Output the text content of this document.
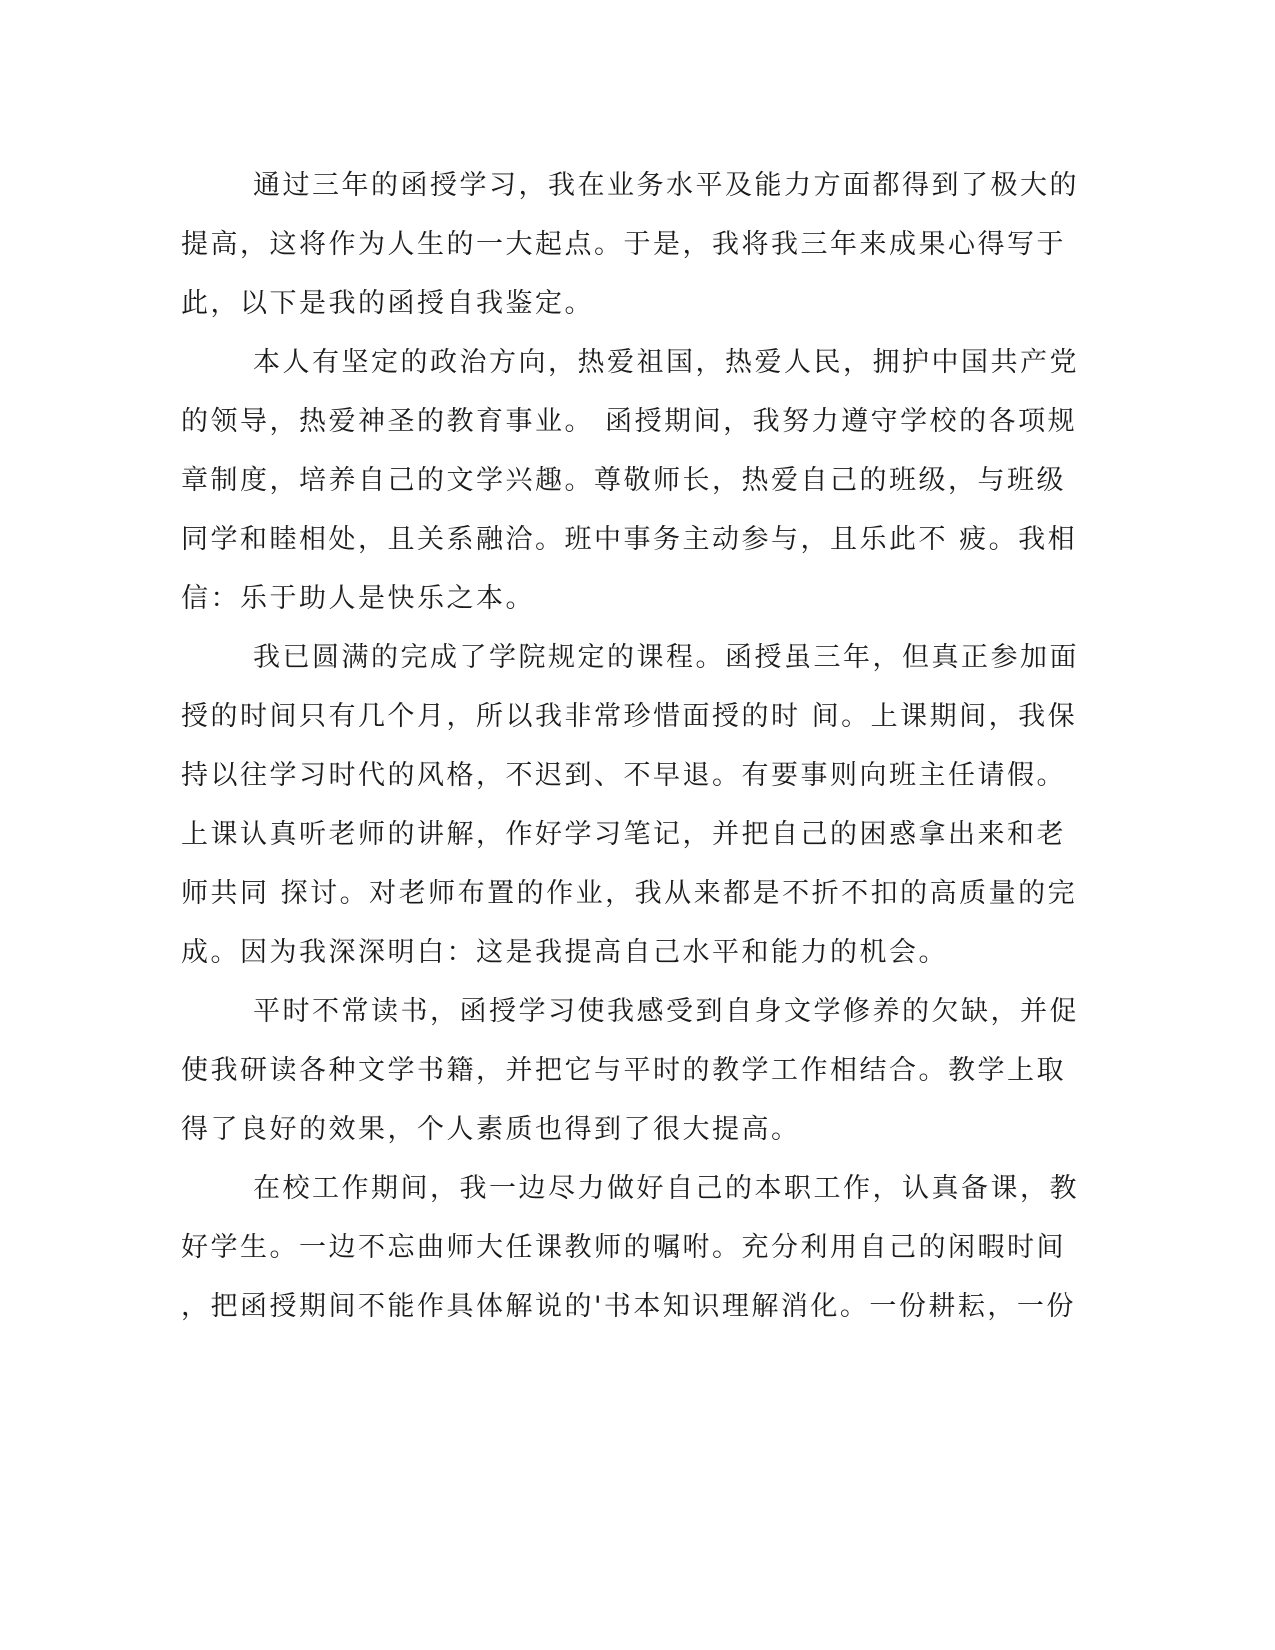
通过三年的函授学习，我在业务水平及能力方面都得到了极大的
提高，这将作为人生的一大起点。于是，我将我三年来成果心得写于
此，以下是我的函授自我鉴定。
本人有坚定的政治方向，热爱祖国，热爱人民，拥护中国共产党
的领导，热爱神圣的教育事业。 函授期间，我努力遵守学校的各项规
章制度，培养自己的文学兴趣。尊敬师长，热爱自己的班级，与班级
同学和睦相处，且关系融洽。班中事务主动参与，且乐此不 疲。我相
信：乐于助人是快乐之本。
我已圆满的完成了学院规定的课程。函授虽三年，但真正参加面
授的时间只有几个月，所以我非常珍惜面授的时 间。上课期间，我保
持以往学习时代的风格，不迟到、不早退。有要事则向班主任请假。
上课认真听老师的讲解，作好学习笔记，并把自己的困惑拿出来和老
师共同 探讨。对老师布置的作业，我从来都是不折不扣的高质量的完
成。因为我深深明白：这是我提高自己水平和能力的机会。
平时不常读书，函授学习使我感受到自身文学修养的欠缺，并促
使我研读各种文学书籍，并把它与平时的教学工作相结合。教学上取
得了良好的效果，个人素质也得到了很大提高。
在校工作期间，我一边尽力做好自己的本职工作，认真备课，教
好学生。一边不忘曲师大任课教师的嘱咐。充分利用自己的闲暇时间
，把函授期间不能作具体解说的'书本知识理解消化。一份耕耘，一份
